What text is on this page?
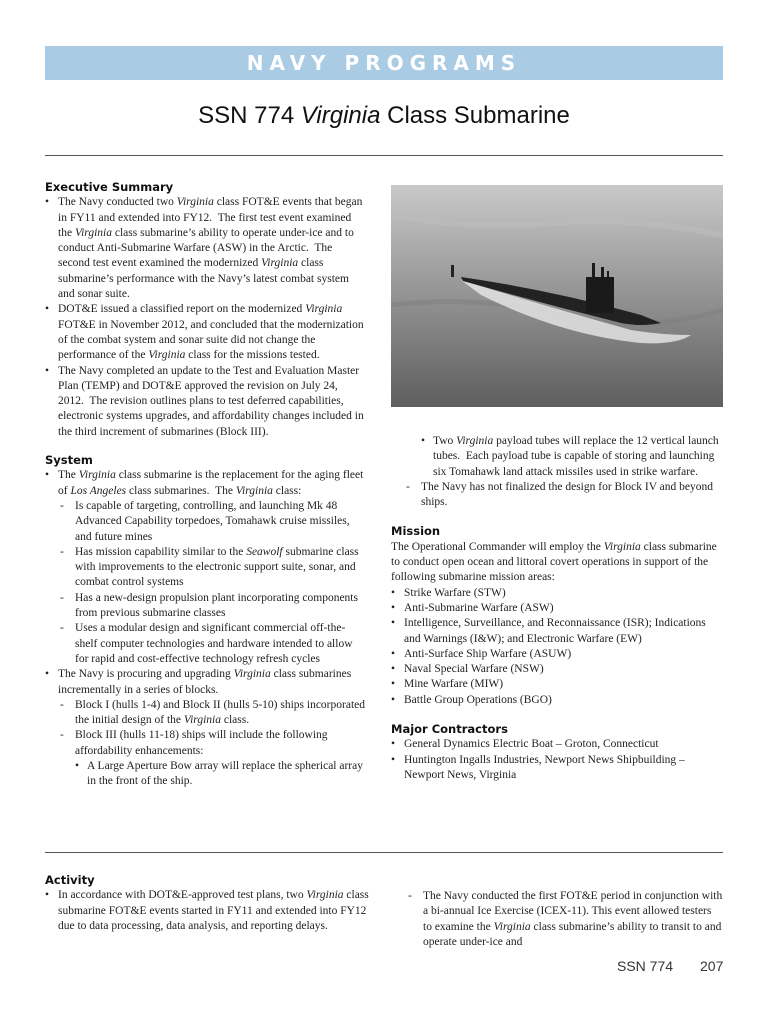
NAVY PROGRAMS
SSN 774 Virginia Class Submarine
Executive Summary
• The Navy conducted two Virginia class FOT&E events that began in FY11 and extended into FY12.  The first test event examined the Virginia class submarine’s ability to operate under-ice and to conduct Anti-Submarine Warfare (ASW) in the Arctic.  The second test event examined the modernized Virginia class submarine’s performance with the Navy’s latest combat system and sonar suite.
• DOT&E issued a classified report on the modernized Virginia FOT&E in November 2012, and concluded that the modernization of the combat system and sonar suite did not change the performance of the Virginia class for the missions tested.
• The Navy completed an update to the Test and Evaluation Master Plan (TEMP) and DOT&E approved the revision on July 24, 2012.  The revision outlines plans to test deferred capabilities, electronic systems upgrades, and affordability changes included in the third increment of submarines (Block III).
System
• The Virginia class submarine is the replacement for the aging fleet of Los Angeles class submarines.  The Virginia class:
- Is capable of targeting, controlling, and launching Mk 48 Advanced Capability torpedoes, Tomahawk cruise missiles, and future mines
- Has mission capability similar to the Seawolf submarine class with improvements to the electronic support suite, sonar, and combat control systems
- Has a new-design propulsion plant incorporating components from previous submarine classes
- Uses a modular design and significant commercial off-the-shelf computer technologies and hardware intended to allow for rapid and cost-effective technology refresh cycles
• The Navy is procuring and upgrading Virginia class submarines incrementally in a series of blocks.
- Block I (hulls 1-4) and Block II (hulls 5-10) ships incorporated the initial design of the Virginia class.
- Block III (hulls 11-18) ships will include the following affordability enhancements:
• A Large Aperture Bow array will replace the spherical array in the front of the ship.
• Two Virginia payload tubes will replace the 12 vertical launch tubes.  Each payload tube is capable of storing and launching six Tomahawk land attack missiles used in strike warfare.
- The Navy has not finalized the design for Block IV and beyond ships.
Mission
The Operational Commander will employ the Virginia class submarine to conduct open ocean and littoral covert operations in support of the following submarine mission areas:
• Strike Warfare (STW)
• Anti-Submarine Warfare (ASW)
• Intelligence, Surveillance, and Reconnaissance (ISR); Indications and Warnings (I&W); and Electronic Warfare (EW)
• Anti-Surface Ship Warfare (ASUW)
• Naval Special Warfare (NSW)
• Mine Warfare (MIW)
• Battle Group Operations (BGO)
Major Contractors
• General Dynamics Electric Boat – Groton, Connecticut
• Huntington Ingalls Industries, Newport News Shipbuilding – Newport News, Virginia
Activity
• In accordance with DOT&E-approved test plans, two Virginia class submarine FOT&E events started in FY11 and extended into FY12 due to data processing, data analysis, and reporting delays.
- The Navy conducted the first FOT&E period in conjunction with a bi-annual Ice Exercise (ICEX-11). This event allowed testers to examine the Virginia class submarine’s ability to transit to and operate under-ice and
SSN 774 207
